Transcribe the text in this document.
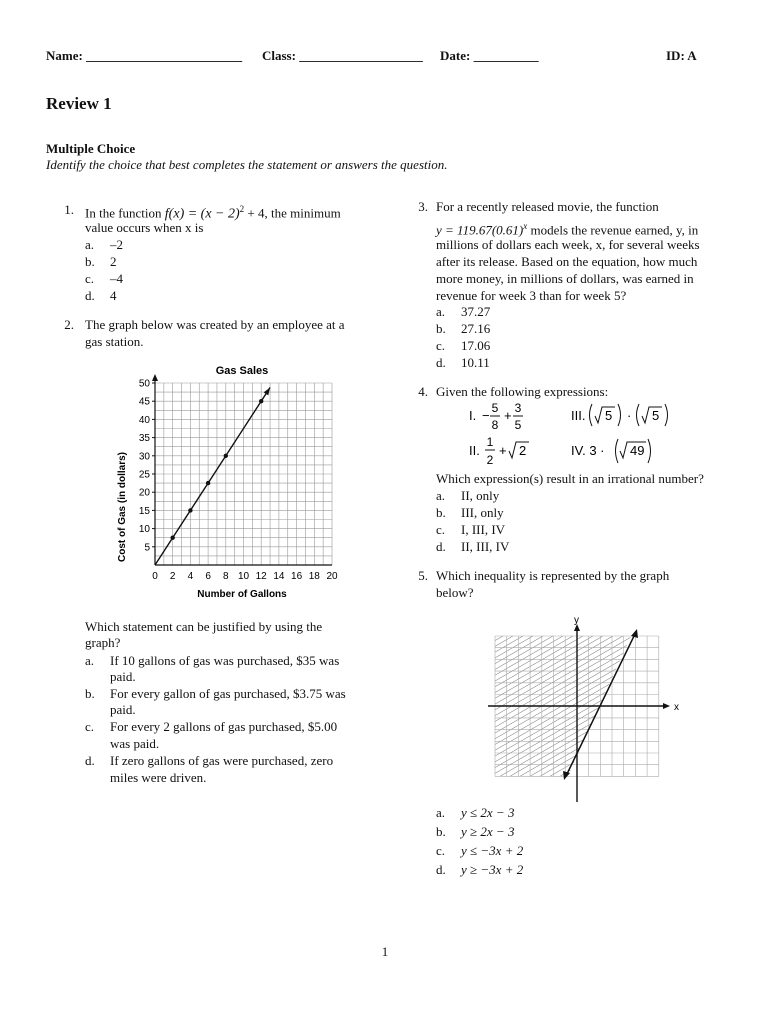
Name: ________________________ Class: ___________________ Date: __________	ID: A
Review 1
Multiple Choice
Identify the choice that best completes the statement or answers the question.
1. In the function $f(x) = (x - 2)^2 + 4$, the minimum
value occurs when x is
a. –2
b. 2
c. –4
d. 4
2. The graph below was created by an employee at a
gas station.
Gas Sales
0 2 4 6 8 10 12 14 16 18 20
5
10
15
20
25
30
35
40
45
50
Number of Gallons
Cost of Gas (in dollars)
Which statement can be justified by using the
graph?
a. If 10 gallons of gas was purchased, $35 was
paid.
b. For every gallon of gas purchased, $3.75 was
paid.
c. For every 2 gallons of gas purchased, $5.00
was paid.
d. If zero gallons of gas were purchased, zero
miles were driven.
3. For a recently released movie, the function
$y = 119.67(0.61)^x$ models the revenue earned, y, in
millions of dollars each week, x, for several weeks
after its release. Based on the equation, how much
more money, in millions of dollars, was earned in
revenue for week 3 than for week 5?
a. 37.27
b. 27.16
c. 17.06
d. 10.11
4. Given the following expressions:
I. − 5
8
+ 3
5
III. 5 · 5
II.
1
2
+ 2	IV. 3 · 49
Which expression(s) result in an irrational number?
a. II, only
b. III, only
c. I, III, IV
d. II, III, IV
5. Which inequality is represented by the graph
below?
x
y
a. y ≤ 2x − 3
b. y ≥ 2x − 3
c. y ≤ −3x + 2
d. y ≥ −3x + 2
1
